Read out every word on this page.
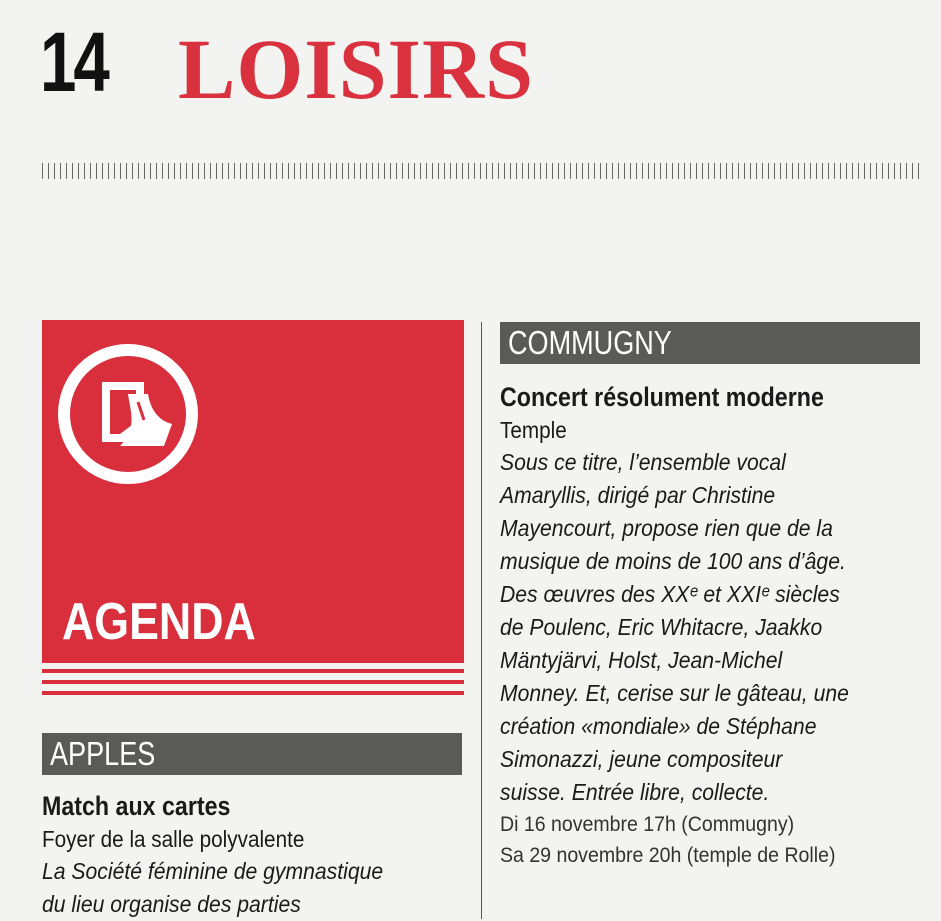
14 LOISIRS
AGENDA
APPLES
Match aux cartes
Foyer de la salle polyvalente
La Société féminine de gymnastique
du lieu organise des parties
COMMUGNY
Concert résolument moderne
Temple
Sous ce titre, l’ensemble vocal
Amaryllis, dirigé par Christine
Mayencourt, propose rien que de la
musique de moins de 100 ans d’âge.
Des œuvres des XXᵉ et XXIᵉ siècles
de Poulenc, Eric Whitacre, Jaakko
Mäntyjärvi, Holst, Jean-Michel
Monney. Et, cerise sur le gâteau, une
création «mondiale» de Stéphane
Simonazzi, jeune compositeur
suisse. Entrée libre, collecte.
Di 16 novembre 17h (Commugny)
Sa 29 novembre 20h (temple de Rolle)
